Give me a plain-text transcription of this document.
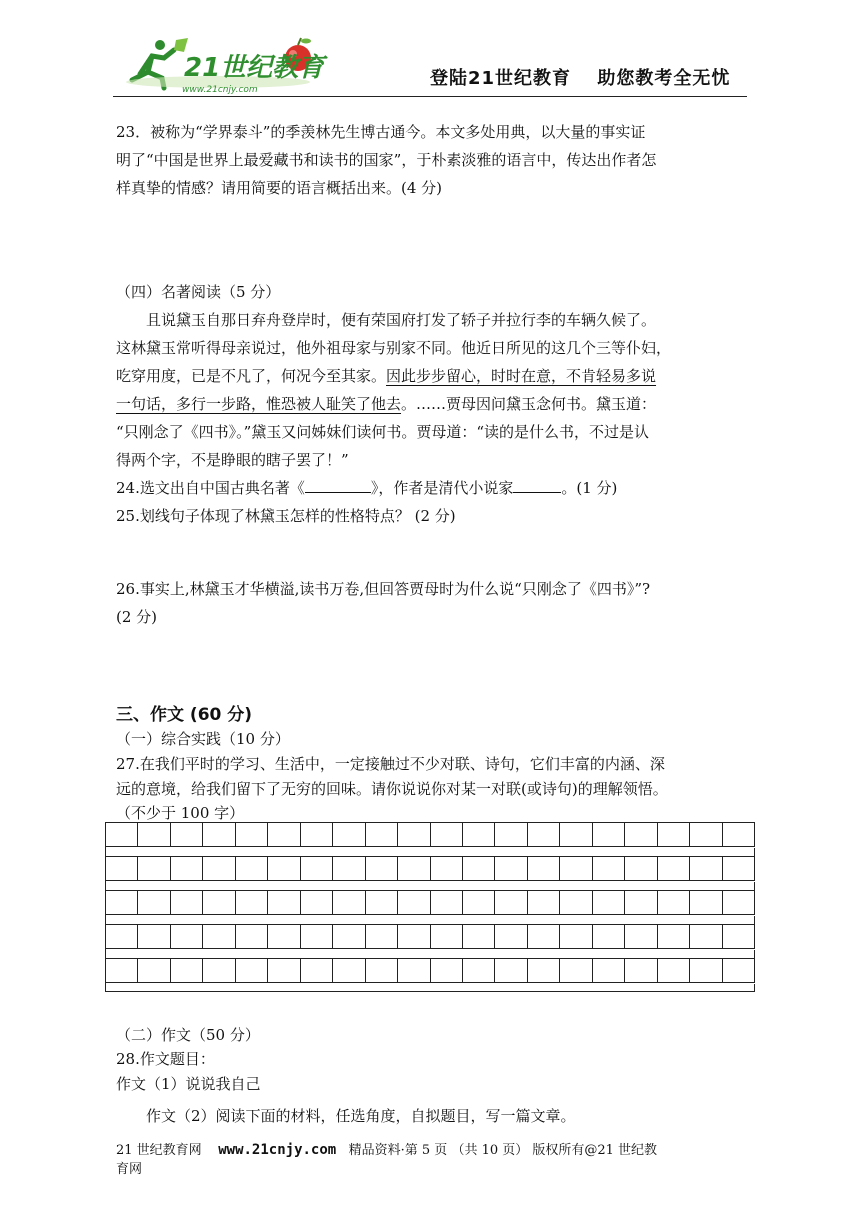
21世纪教育
www.21cnjy.com
登陆21世纪教育　 助您教考全无忧
23．被称为“学界泰斗”的季羡林先生博古通今。本文多处用典，以大量的事实证
明了“中国是世界上最爱藏书和读书的国家”，于朴素淡雅的语言中，传达出作者怎
样真挚的情感？请用简要的语言概括出来。(4 分)
（四）名著阅读（5 分）
且说黛玉自那日弃舟登岸时，便有荣国府打发了轿子并拉行李的车辆久候了。
这林黛玉常听得母亲说过，他外祖母家与别家不同。他近日所见的这几个三等仆妇，
吃穿用度，已是不凡了，何况今至其家。因此步步留心，时时在意，不肯轻易多说
一句话，多行一步路，惟恐被人耻笑了他去。……贾母因问黛玉念何书。黛玉道：
“只刚念了《四书》。”黛玉又问姊妹们读何书。贾母道：“读的是什么书，不过是认
得两个字，不是睁眼的瞎子罢了！”
24.选文出自中国古典名著《	》，作者是清代小说家	。(1 分)
25.划线句子体现了林黛玉怎样的性格特点？ (2 分)
26.事实上,林黛玉才华横溢,读书万卷,但回答贾母时为什么说“只刚念了《四书》”?
(2 分)
三、作文 (60 分)
（一）综合实践（10 分）
27.在我们平时的学习、生活中，一定接触过不少对联、诗句，它们丰富的内涵、深
远的意境，给我们留下了无穷的回味。请你说说你对某一对联(或诗句)的理解领悟。
（不少于 100 字）
（二）作文（50 分）
28.作文题目：
作文（1）说说我自己
作文（2）阅读下面的材料，任选角度，自拟题目，写一篇文章。
21 世纪教育网 www.21cnjy.com 精品资料·第 5 页 （共 10 页） 版权所有@21 世纪教
育网
